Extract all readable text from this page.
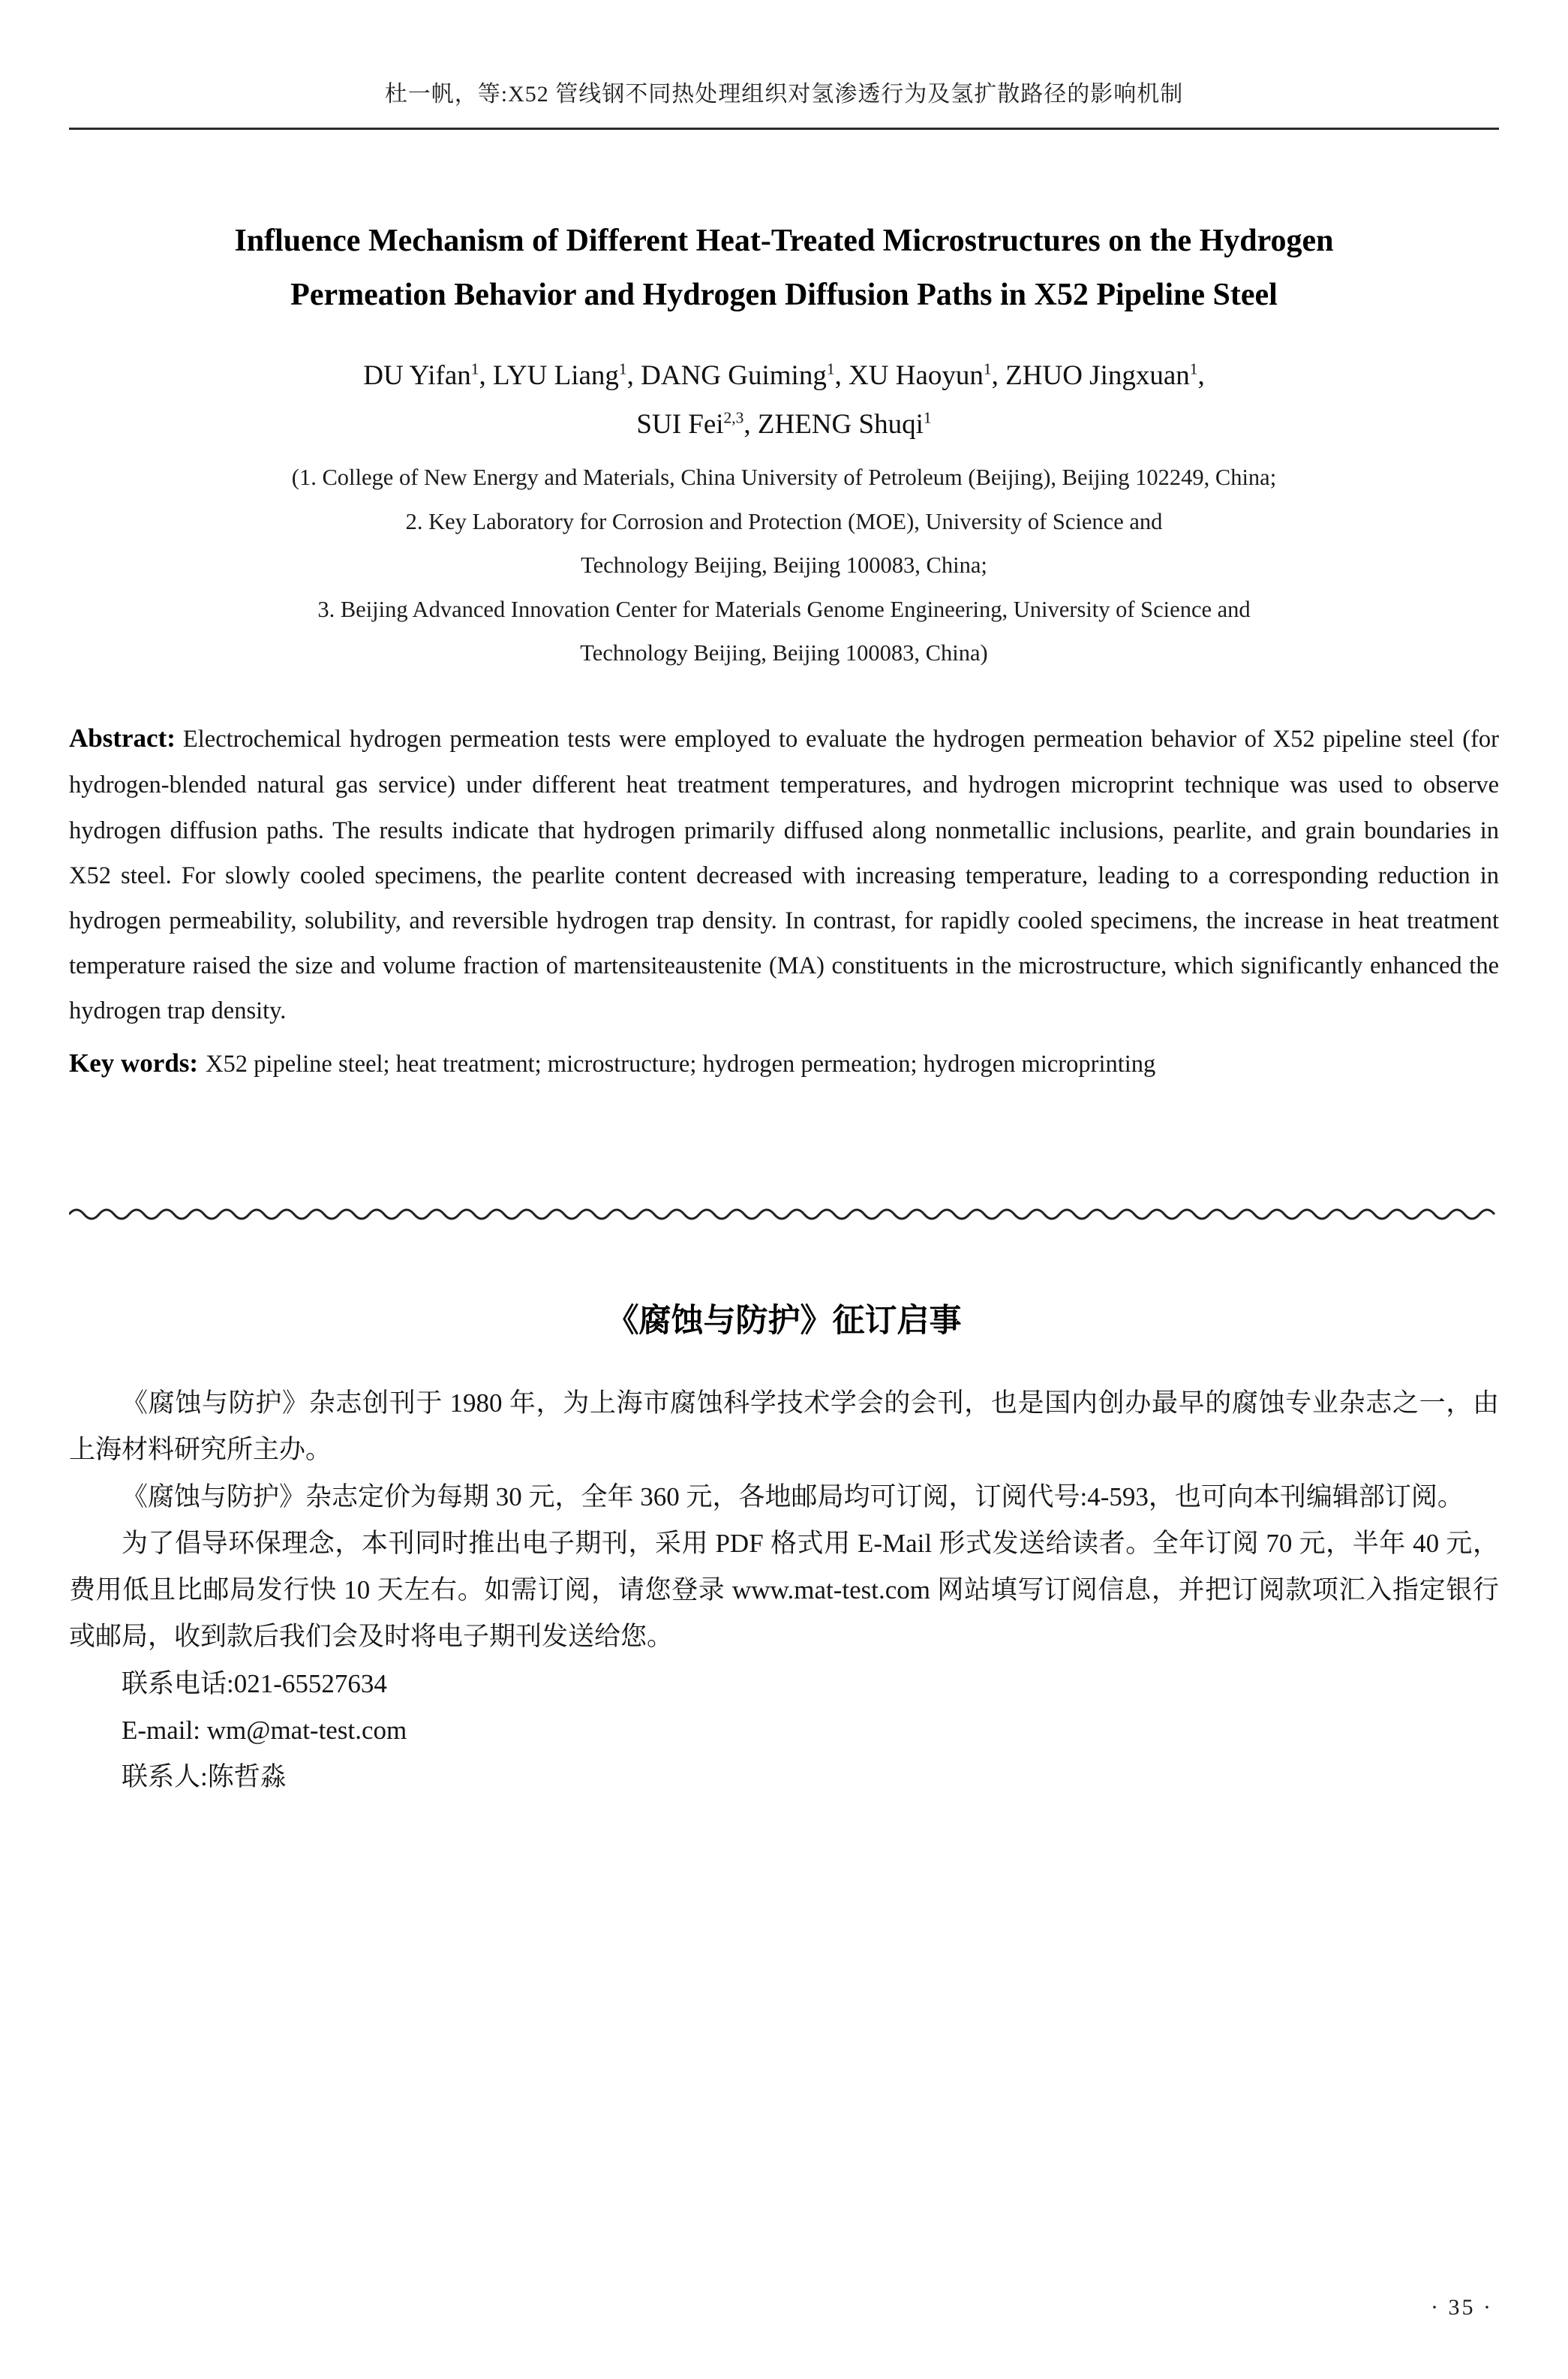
杜一帆，等:X52 管线钢不同热处理组织对氢渗透行为及氢扩散路径的影响机制
Influence Mechanism of Different Heat-Treated Microstructures on the Hydrogen
Permeation Behavior and Hydrogen Diffusion Paths in X52 Pipeline Steel
DU Yifan$^1$, LYU Liang$^1$, DANG Guiming$^1$, XU Haoyun$^1$, ZHUO Jingxuan$^1$,
SUI Fei$^{2,3}$, ZHENG Shuqi$^1$
(1. College of New Energy and Materials, China University of Petroleum (Beijing), Beijing 102249, China;
2. Key Laboratory for Corrosion and Protection (MOE), University of Science and
Technology Beijing, Beijing 100083, China;
3. Beijing Advanced Innovation Center for Materials Genome Engineering, University of Science and
Technology Beijing, Beijing 100083, China)

Abstract: Electrochemical hydrogen permeation tests were employed to evaluate the hydrogen permeation behavior of X52 pipeline steel (for hydrogen-blended natural gas service) under different heat treatment temperatures, and hydrogen microprint technique was used to observe hydrogen diffusion paths. The results indicate that hydrogen primarily diffused along nonmetallic inclusions, pearlite, and grain boundaries in X52 steel. For slowly cooled specimens, the pearlite content decreased with increasing temperature, leading to a corresponding reduction in hydrogen permeability, solubility, and reversible hydrogen trap density. In contrast, for rapidly cooled specimens, the increase in heat treatment temperature raised the size and volume fraction of martensiteaustenite (MA) constituents in the microstructure, which significantly enhanced the hydrogen trap density.

Key words: X52 pipeline steel; heat treatment; microstructure; hydrogen permeation; hydrogen microprinting

《腐蚀与防护》征订启事

《腐蚀与防护》杂志创刊于 1980 年，为上海市腐蚀科学技术学会的会刊，也是国内创办最早的腐蚀专业杂志之一，由上海材料研究所主办。

《腐蚀与防护》杂志定价为每期 30 元，全年 360 元，各地邮局均可订阅，订阅代号:4-593，也可向本刊编辑部订阅。

为了倡导环保理念，本刊同时推出电子期刊，采用 PDF 格式用 E-Mail 形式发送给读者。全年订阅 70 元，半年 40 元，费用低且比邮局发行快 10 天左右。如需订阅，请您登录 www.mat-test.com 网站填写订阅信息，并把订阅款项汇入指定银行或邮局，收到款后我们会及时将电子期刊发送给您。

联系电话:021-65527634

E-mail: wm@mat-test.com

联系人:陈哲淼

· 35 ·
